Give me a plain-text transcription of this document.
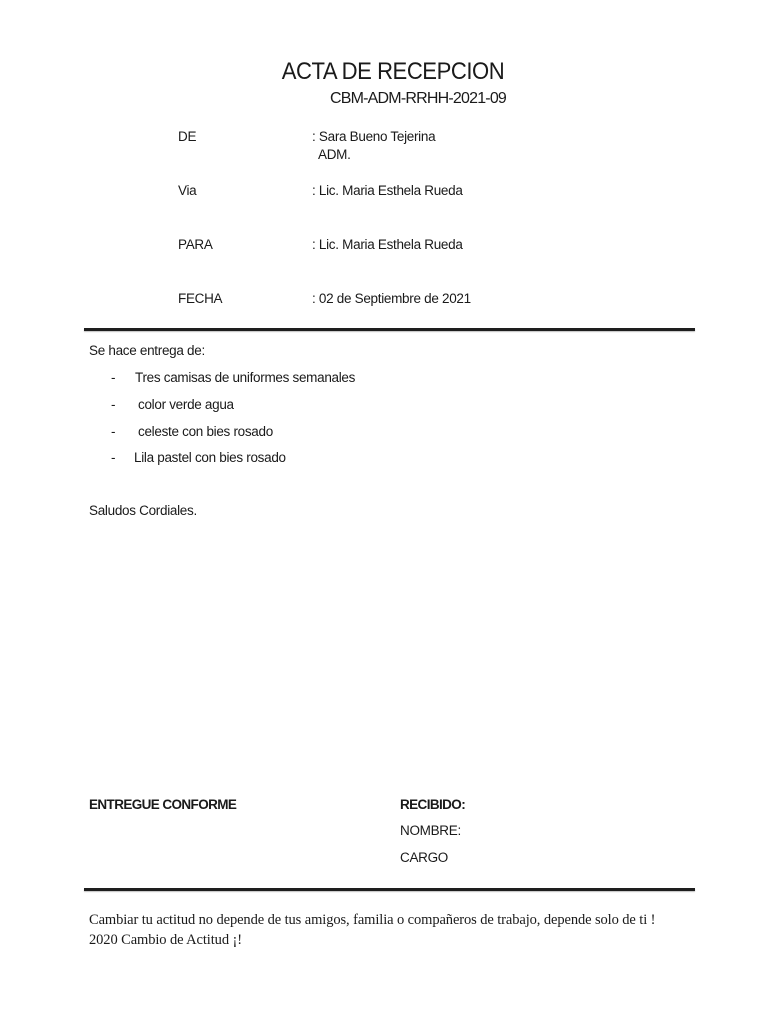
ACTA DE RECEPCION
CBM-ADM-RRHH-2021-09
DE	: Sara Bueno Tejerina
ADM.
Via	: Lic. Maria Esthela Rueda
PARA	: Lic. Maria Esthela Rueda
FECHA	: 02 de Septiembre de 2021
Se hace entrega de:
- Tres camisas de uniformes semanales
- color verde agua
- celeste con bies rosado
- Lila pastel con bies rosado
Saludos Cordiales.
ENTREGUE CONFORME	RECIBIDO:
NOMBRE:
CARGO
Cambiar tu actitud no depende de tus amigos, familia o compañeros de trabajo, depende solo de ti !
2020 Cambio de Actitud ¡!
